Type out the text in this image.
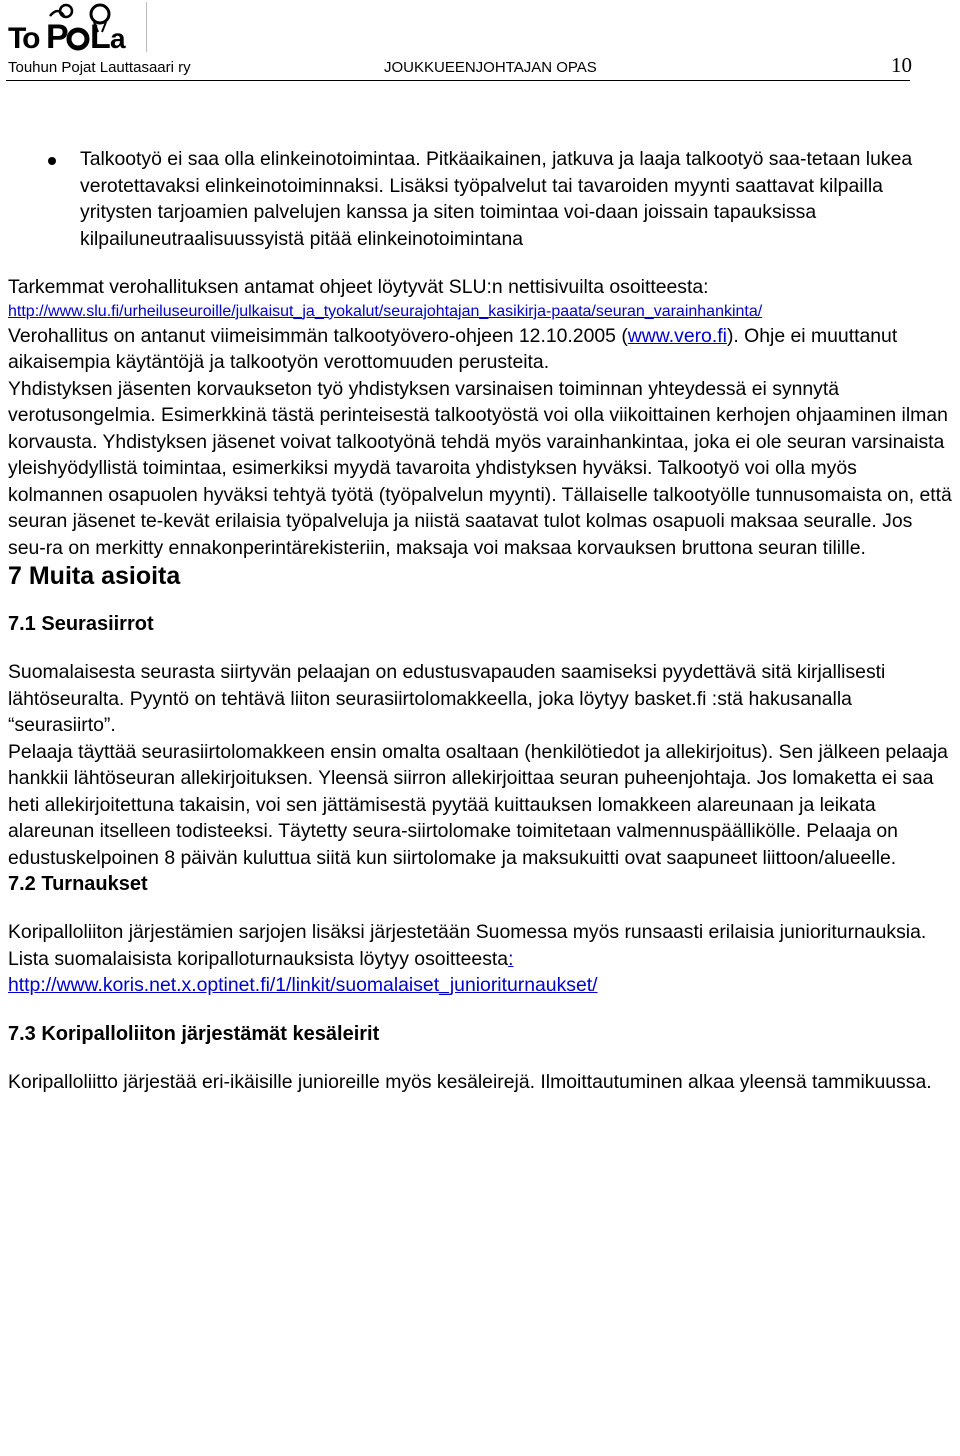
To P L a
Touhun Pojat Lauttasaari ry	JOUKKUEENJOHTAJAN OPAS	10

Talkootyö ei saa olla elinkeinotoimintaa. Pitkäaikainen, jatkuva ja laaja talkootyö saa-tetaan lukea verotettavaksi elinkeinotoiminnaksi. Lisäksi työpalvelut tai tavaroiden myynti saattavat kilpailla yritysten tarjoamien palvelujen kanssa ja siten toimintaa voi-daan joissain tapauksissa kilpailuneutraalisuussyistä pitää elinkeinotoimintana

Tarkemmat verohallituksen antamat ohjeet löytyvät SLU:n nettisivuilta osoitteesta:

http://www.slu.fi/urheiluseuroille/julkaisut_ja_tyokalut/seurajohtajan_kasikirja-paata/seuran_varainhankinta/

Verohallitus on antanut viimeisimmän talkootyövero-ohjeen 12.10.2005 (www.vero.fi). Ohje ei muuttanut aikaisempia käytäntöjä ja talkootyön verottomuuden perusteita.

Yhdistyksen jäsenten korvaukseton työ yhdistyksen varsinaisen toiminnan yhteydessä ei synnytä verotusongelmia. Esimerkkinä tästä perinteisestä talkootyöstä voi olla viikoittainen kerhojen ohjaaminen ilman korvausta. Yhdistyksen jäsenet voivat talkootyönä tehdä myös varainhankintaa, joka ei ole seuran varsinaista yleishyödyllistä toimintaa, esimerkiksi myydä tavaroita yhdistyksen hyväksi. Talkootyö voi olla myös kolmannen osapuolen hyväksi tehtyä työtä (työpalvelun myynti). Tällaiselle talkootyölle tunnusomaista on, että seuran jäsenet te-kevät erilaisia työpalveluja ja niistä saatavat tulot kolmas osapuoli maksaa seuralle. Jos seu-ra on merkitty ennakonperintärekisteriin, maksaja voi maksaa korvauksen bruttona seuran tilille.

7 Muita asioita
7.1 Seurasiirrot

Suomalaisesta seurasta siirtyvän pelaajan on edustusvapauden saamiseksi pyydettävä sitä kirjallisesti lähtöseuralta. Pyyntö on tehtävä liiton seurasiirtolomakkeella, joka löytyy basket.fi :stä hakusanalla “seurasiirto”.

Pelaaja täyttää seurasiirtolomakkeen ensin omalta osaltaan (henkilötiedot ja allekirjoitus). Sen jälkeen pelaaja hankkii lähtöseuran allekirjoituksen. Yleensä siirron allekirjoittaa seuran puheenjohtaja. Jos lomaketta ei saa heti allekirjoitettuna takaisin, voi sen jättämisestä pyytää kuittauksen lomakkeen alareunaan ja leikata alareunan itselleen todisteeksi. Täytetty seura-siirtolomake toimitetaan valmennuspäällikölle. Pelaaja on edustuskelpoinen 8 päivän kuluttua siitä kun siirtolomake ja maksukuitti ovat saapuneet liittoon/alueelle.

7.2 Turnaukset

Koripalloliiton järjestämien sarjojen lisäksi järjestetään Suomessa myös runsaasti erilaisia junioriturnauksia.

Lista suomalaisista koripalloturnauksista löytyy osoitteesta:
http://www.koris.net.x.optinet.fi/1/linkit/suomalaiset_junioriturnaukset/

7.3 Koripalloliiton järjestämät kesäleirit

Koripalloliitto järjestää eri-ikäisille junioreille myös kesäleirejä. Ilmoittautuminen alkaa yleensä tammikuussa.
